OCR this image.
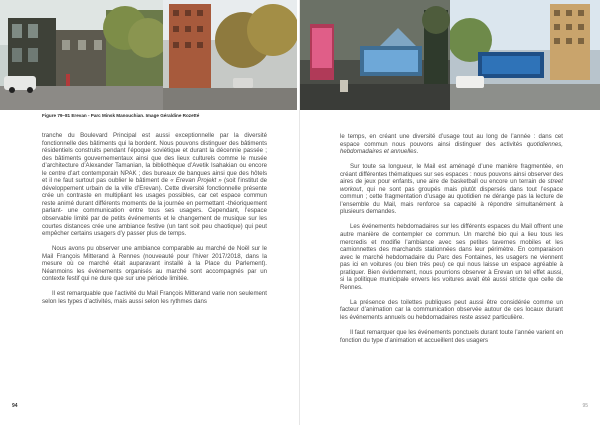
Figure 79–81 Erevan - Parc Minsk Manouchian. Image Géraldine Rozetté

tranche du Boulevard Principal est aussi exceptionnelle par la diversité fonctionnelle des bâtiments qui la bordent. Nous pouvons distinguer des bâtiments résidentiels construits pendant l’époque soviétique et durant la décennie passée ; des bâtiments gouvernementaux ainsi que des lieux culturels comme le musée d’architecture d’Alexander Tamanian, la bibliothèque d’Avetik Isahakian ou encore le centre d’art contemporain NPAK ; des bureaux de banques ainsi que des hôtels et il ne faut surtout pas oublier le bâtiment de « Erevan Projekt » (soit l’institut de développement urbain de la ville d’Erevan). Cette diversité fonctionnelle présente crée un contraste en multipliant les usages possibles, car cet espace commun reste animé durant différents moments de la journée en permettant -théoriquement parlant- une communication entre tous ses usagers. Cependant, l’espace observable limité par de petits événements et le changement de musique sur les courtes distances crée une ambiance festive (un tant soit peu chaotique) qui peut empêcher certains usagers d’y passer plus de temps.

Nous avons pu observer une ambiance comparable au marché de Noël sur le Mail François Mitterand à Rennes (nouveauté pour l’hiver 2017/2018, dans la mesure où ce marché était auparavant installé à la Place du Parlement). Néanmoins les événements organisés au marché sont accompagnés par un contexte festif qui ne dure que sur une période limitée.

Il est remarquable que l’activité du Mail François Mitterand varie non seulement selon les types d’activités, mais aussi selon les rythmes dans

le temps, en créant une diversité d’usage tout au long de l’année : dans cet espace commun nous pouvons ainsi distinguer des activités quotidiennes, hebdomadaires et annuelles.

Sur toute sa longueur, le Mail est aménagé d’une manière fragmentée, en créant différentes thématiques sur ses espaces : nous pouvons ainsi observer des aires de jeux pour enfants, une aire de basketball ou encore un terrain de street workout, qui ne sont pas groupés mais plutôt dispersés dans tout l’espace commun ; cette fragmentation d’usage au quotidien ne dérange pas la lecture de l’ensemble du Mail, mais renforce sa capacité à répondre simultanément à plusieurs demandes.

Les événements hebdomadaires sur les différents espaces du Mail offrent une autre manière de contempler ce commun. Un marché bio qui a lieu tous les mercredis et modifie l’ambiance avec ses petites tavernes mobiles et les camionnettes des marchands stationnées dans leur périmètre. En comparaison avec le marché hebdomadaire du Parc des Fontaines, les usagers ne viennent pas ici en voitures (ou bien très peu) ce qui nous laisse un espace agréable à pratiquer. Bien évidemment, nous pourrions observer à Erevan un tel effet aussi, si la politique municipale envers les voitures avait été aussi stricte que celle de Rennes.

La présence des toilettes publiques peut aussi être considérée comme un facteur d’animation car la communication observée autour de ces locaux durant les événements annuels ou hebdomadaires reste assez particulière.

Il faut remarquer que les événements ponctuels durant toute l’année varient en fonction du type d’animation et accueillent des usagers

94	95
